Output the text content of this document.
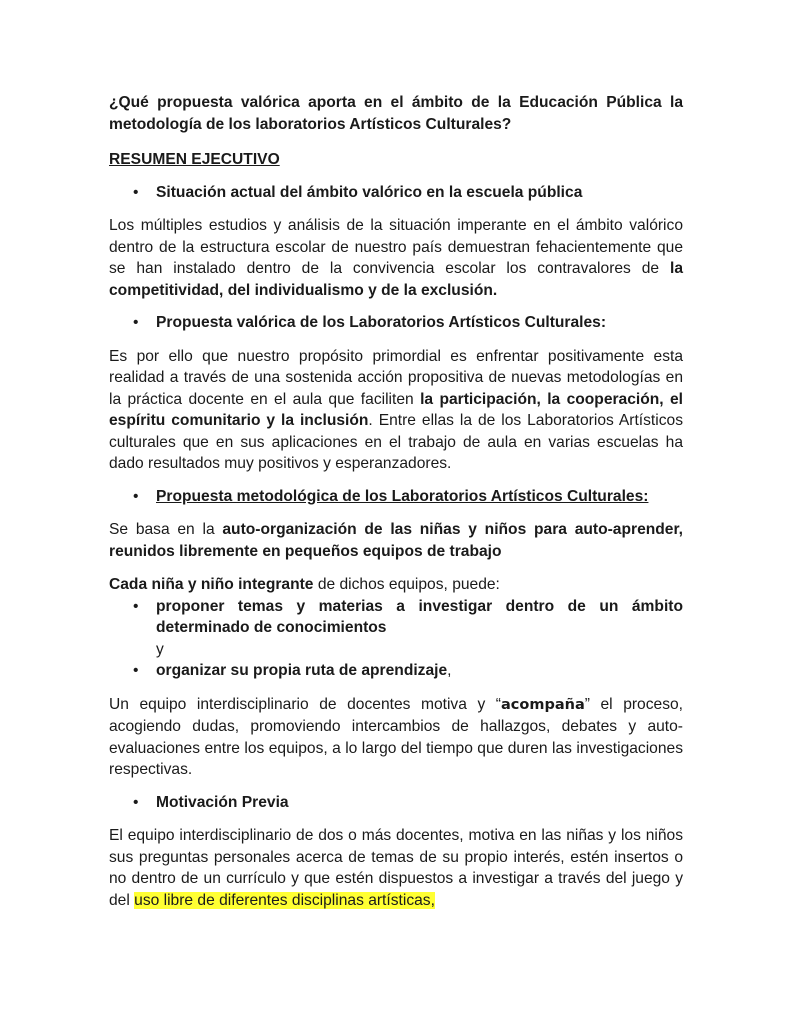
¿Qué propuesta valórica aporta en el ámbito de la Educación Pública la metodología de los laboratorios Artísticos Culturales?

RESUMEN EJECUTIVO

• Situación actual del ámbito valórico en la escuela pública

Los múltiples estudios y análisis de la situación imperante en el ámbito valórico dentro de la estructura escolar de nuestro país demuestran fehacientemente que se han instalado dentro de la convivencia escolar los contravalores de la competitividad, del individualismo y de la exclusión.

• Propuesta valórica de los Laboratorios Artísticos Culturales:

Es por ello que nuestro propósito primordial es enfrentar positivamente esta realidad a través de una sostenida acción propositiva de nuevas metodologías en la práctica docente en el aula que faciliten la participación, la cooperación, el espíritu comunitario y la inclusión. Entre ellas la de los Laboratorios Artísticos culturales que en sus aplicaciones en el trabajo de aula en varias escuelas ha dado resultados muy positivos y esperanzadores.

• Propuesta metodológica de los Laboratorios Artísticos Culturales:

Se basa en la auto-organización de las niñas y niños para auto-aprender, reunidos libremente en pequeños equipos de trabajo

Cada niña y niño integrante de dichos equipos, puede:

• proponer temas y materias a investigar dentro de un ámbito determinado de conocimientos

y

• organizar su propia ruta de aprendizaje,

Un equipo interdisciplinario de docentes motiva y “acompaña” el proceso, acogiendo dudas, promoviendo intercambios de hallazgos, debates y auto-evaluaciones entre los equipos, a lo largo del tiempo que duren las investigaciones respectivas.

• Motivación Previa

El equipo interdisciplinario de dos o más docentes, motiva en las niñas y los niños sus preguntas personales acerca de temas de su propio interés, estén insertos o no dentro de un currículo y que estén dispuestos a investigar a través del juego y del uso libre de diferentes disciplinas artísticas,
